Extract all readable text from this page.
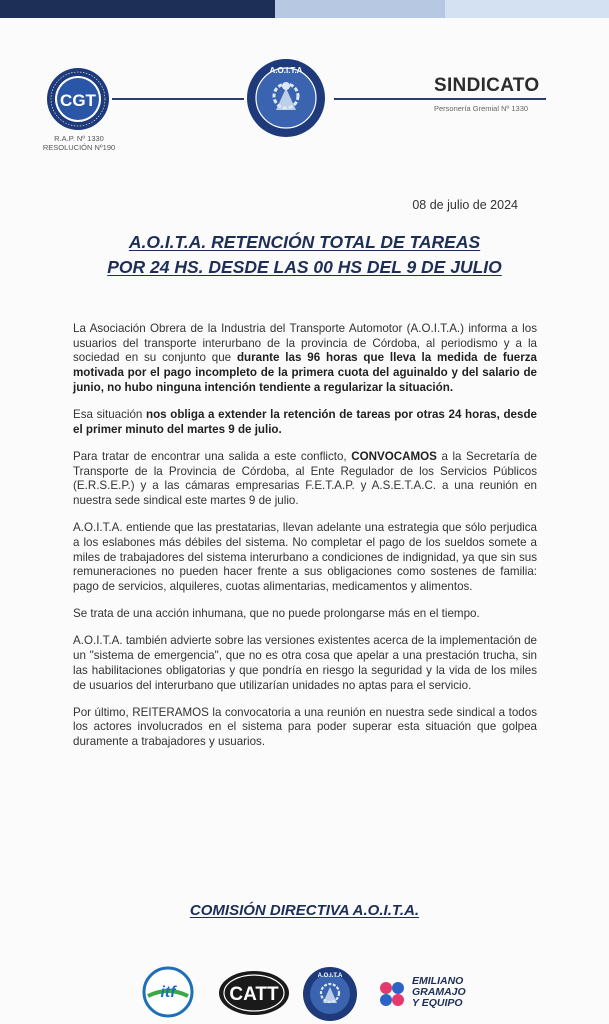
CGT
R.A.P. Nº 1330
RESOLUCIÓN Nº190
A.O.I.T.A
SINDICATO
Personería Gremial Nº 1330
08 de julio de 2024
A.O.I.T.A. RETENCIÓN TOTAL DE TAREAS
POR 24 HS. DESDE LAS 00 HS DEL 9 DE JULIO

La Asociación Obrera de la Industria del Transporte Automotor (A.O.I.T.A.) informa a los usuarios del transporte interurbano de la provincia de Córdoba, al periodismo y a la sociedad en su conjunto que durante las 96 horas que lleva la medida de fuerza motivada por el pago incompleto de la primera cuota del aguinaldo y del salario de junio, no hubo ninguna intención tendiente a regularizar la situación.

Esa situación nos obliga a extender la retención de tareas por otras 24 horas, desde el primer minuto del martes 9 de julio.

Para tratar de encontrar una salida a este conflicto, CONVOCAMOS a la Secretaría de Transporte de la Provincia de Córdoba, al Ente Regulador de los Servicios Públicos (E.R.S.E.P.) y a las cámaras empresarias F.E.T.A.P. y A.S.E.T.A.C. a una reunión en nuestra sede sindical este martes 9 de julio.

A.O.I.T.A. entiende que las prestatarias, llevan adelante una estrategia que sólo perjudica a los eslabones más débiles del sistema. No completar el pago de los sueldos somete a miles de trabajadores del sistema interurbano a condiciones de indignidad, ya que sin sus remuneraciones no pueden hacer frente a sus obligaciones como sostenes de familia: pago de servicios, alquileres, cuotas alimentarias, medicamentos y alimentos.

Se trata de una acción inhumana, que no puede prolongarse más en el tiempo.

A.O.I.T.A. también advierte sobre las versiones existentes acerca de la implementación de un "sistema de emergencia", que no es otra cosa que apelar a una prestación trucha, sin las habilitaciones obligatorias y que pondría en riesgo la seguridad y la vida de los miles de usuarios del interurbano que utilizarían unidades no aptas para el servicio.

Por último, REITERAMOS la convocatoria a una reunión en nuestra sede sindical a todos los actores involucrados en el sistema para poder superar esta situación que golpea duramente a trabajadores y usuarios.

COMISIÓN DIRECTIVA A.O.I.T.A.
itf	CATT
A.O.I.T.A	EMILIANO
GRAMAJO
Y EQUIPO
